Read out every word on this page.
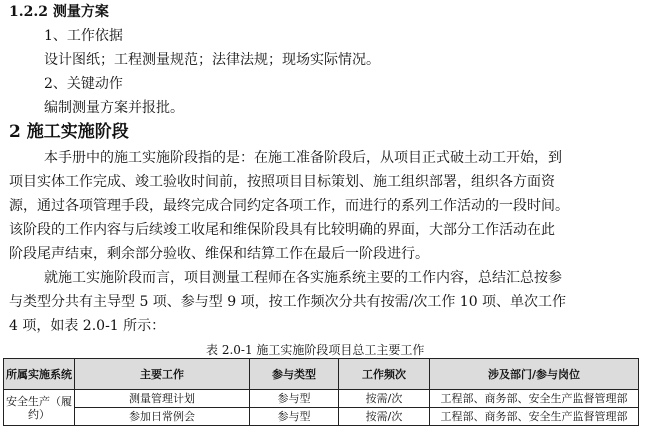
1.2.2 测量方案
1、工作依据
设计图纸；工程测量规范；法律法规；现场实际情况。
2、关键动作
编制测量方案并报批。
2 施工实施阶段
本手册中的施工实施阶段指的是：在施工准备阶段后，从项目正式破土动工开始，到
项目实体工作完成、竣工验收时间前，按照项目目标策划、施工组织部署，组织各方面资
源，通过各项管理手段，最终完成合同约定各项工作，而进行的系列工作活动的一段时间。
该阶段的工作内容与后续竣工收尾和维保阶段具有比较明确的界面，大部分工作活动在此
阶段尾声结束，剩余部分验收、维保和结算工作在最后一阶段进行。
就施工实施阶段而言，项目测量工程师在各实施系统主要的工作内容，总结汇总按参
与类型分共有主导型 5 项、参与型 9 项，按工作频次分共有按需/次工作 10 项、单次工作
4 项，如表 2.0-1 所示：
表 2.0-1 施工实施阶段项目总工主要工作
所属实施系统	主要工作	参与类型	工作频次	涉及部门/参与岗位
安全生产（履约）	测量管理计划	参与型	按需/次	工程部、商务部、安全生产监督管理部
	参加日常例会	参与型	按需/次	工程部、商务部、安全生产监督管理部
